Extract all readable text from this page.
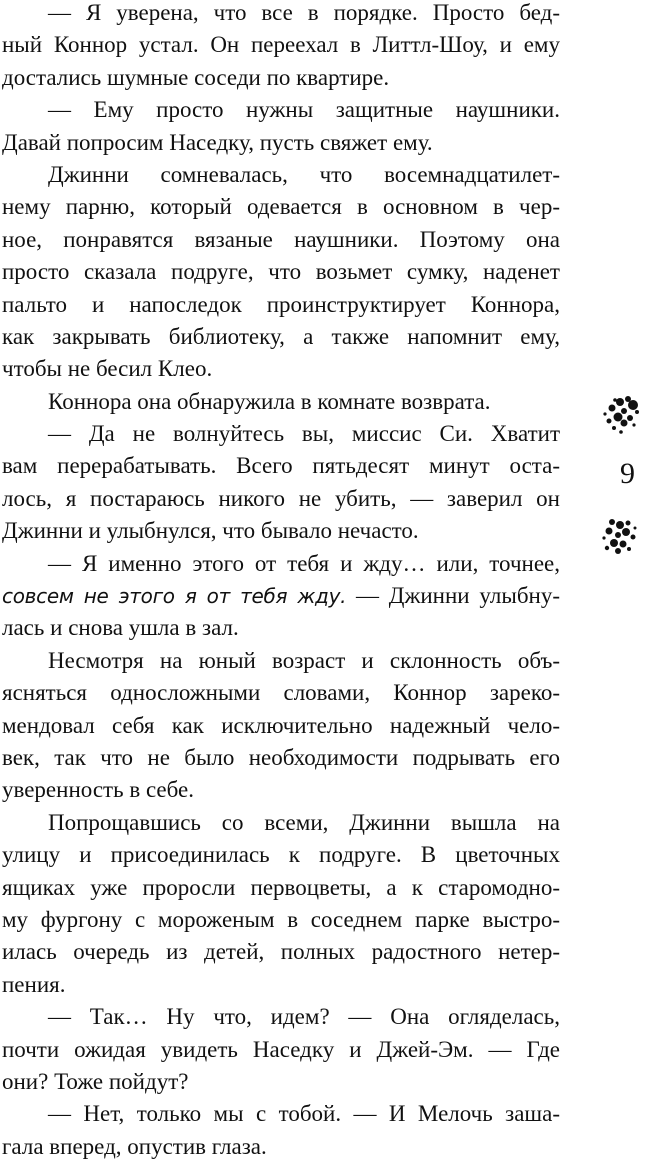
— Я уверена, что все в порядке. Просто бед-
ный Коннор устал. Он переехал в Литтл-Шоу, и ему
достались шумные соседи по квартире.
— Ему просто нужны защитные наушники.
Давай попросим Наседку, пусть свяжет ему.
Джинни сомневалась, что восемнадцатилет-
нему парню, который одевается в основном в чер-
ное, понравятся вязаные наушники. Поэтому она
просто сказала подруге, что возьмет сумку, наденет
пальто и напоследок проинструктирует Коннора,
как закрывать библиотеку, а также напомнит ему,
чтобы не бесил Клео.
Коннора она обнаружила в комнате возврата.
— Да не волнуйтесь вы, миссис Си. Хватит
вам перерабатывать. Всего пятьдесят минут оста-
лось, я постараюсь никого не убить, — заверил он
Джинни и улыбнулся, что бывало нечасто.
— Я именно этого от тебя и жду… или, точнее,
совсем не этого я от тебя жду. — Джинни улыбну-
лась и снова ушла в зал.
Несмотря на юный возраст и склонность объ-
ясняться односложными словами, Коннор зареко-
мендовал себя как исключительно надежный чело-
век, так что не было необходимости подрывать его
уверенность в себе.
Попрощавшись со всеми, Джинни вышла на
улицу и присоединилась к подруге. В цветочных
ящиках уже проросли первоцветы, а к старомодно-
му фургону с мороженым в соседнем парке выстро-
илась очередь из детей, полных радостного нетер-
пения.
— Так… Ну что, идем? — Она огляделась,
почти ожидая увидеть Наседку и Джей-Эм. — Где
они? Тоже пойдут?
— Нет, только мы с тобой. — И Мелочь заша-
гала вперед, опустив глаза.
9
